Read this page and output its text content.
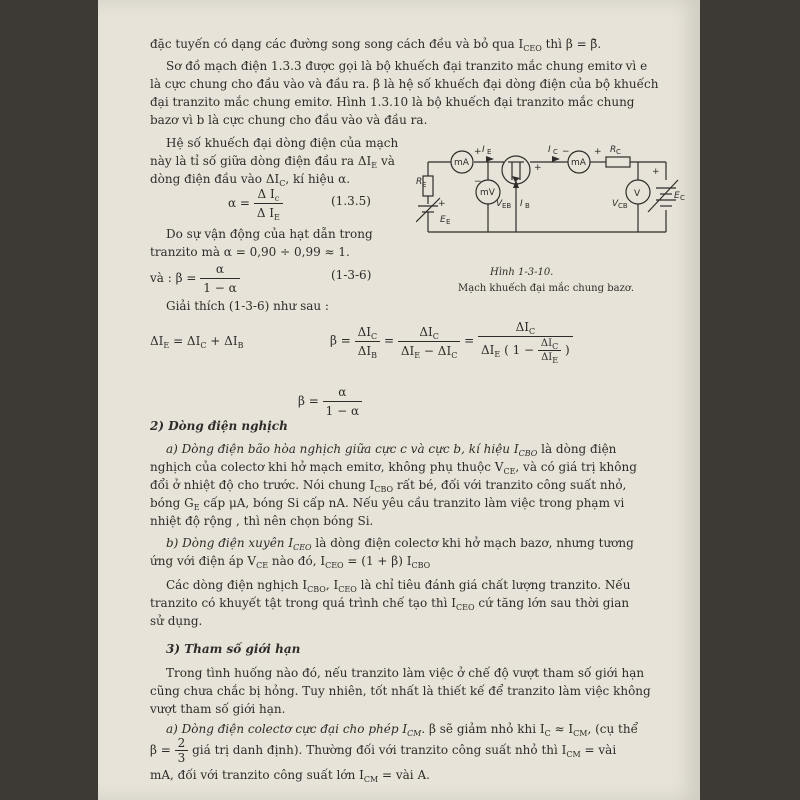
đặc tuyến có dạng các đường song song cách đều và bỏ qua $I_{CEO}$ thì β = β̄.
Sơ đồ mạch điện 1.3.3 được gọi là bộ khuếch đại tranzito mắc chung emitơ vì e
là cực chung cho đầu vào và đầu ra. β là hệ số khuếch đại dòng điện của bộ khuếch
đại tranzito mắc chung emitơ. Hình 1.3.10 là bộ khuếch đại tranzito mắc chung
bazơ vì b là cực chung cho đầu vào và đầu ra.
Hệ số khuếch đại dòng điện của mạch
này là tỉ số giữa dòng điện đầu ra $\Delta I_E$ và
dòng điện đầu vào $\Delta I_C$, kí hiệu α.
$\alpha = \frac{\Delta I_c}{\Delta I_E}$	(1.3.5)
Do sự vận động của hạt dẫn trong
tranzito mà α = 0,90 ÷ 0,99 ≈ 1.
và : $\beta = \frac{\alpha}{1 - \alpha}$	(1-3-6)
mA	mA
mV	V
I E	I C
R E
R C
E E
E C
V EB	V CB
I B
+
+
+
+
+
−
−
Hình 1-3-10.
Mạch khuếch đại mắc chung bazơ.
Giải thích (1-3-6) như sau :
$\Delta I_E = \Delta I_C + \Delta I_B$	$\beta = \frac{\Delta I_C}{\Delta I_B} = \frac{\Delta I_C}{\Delta I_E - \Delta I_C} = \frac{\Delta I_C}{\Delta I_E ( 1 - \frac{\Delta I_C}{\Delta I_E} )}$
$\beta = \frac{\alpha}{1 - \alpha}$
2) Dòng điện nghịch
a) Dòng điện bão hòa nghịch giữa cực c và cực b, kí hiệu $I_{CBO}$ là dòng điện
nghịch của colectơ khi hở mạch emitơ, không phụ thuộc $V_{CE}$, và có giá trị không
đổi ở nhiệt độ cho trước. Nói chung $I_{CBO}$ rất bé, đối với tranzito công suất nhỏ,
bóng $G_E$ cấp μA, bóng Si cấp nA. Nếu yêu cầu tranzito làm việc trong phạm vi
nhiệt độ rộng , thì nên chọn bóng Si.
b) Dòng điện xuyên $I_{CEO}$ là dòng điện colectơ khi hở mạch bazơ, nhưng tương
ứng với điện áp $V_{CE}$ nào đó, $I_{CEO} = (1 + \beta)$ $I_{CBO}$
Các dòng điện nghịch $I_{CBO}$, $I_{CEO}$ là chỉ tiêu đánh giá chất lượng tranzito. Nếu
tranzito có khuyết tật trong quá trình chế tạo thì $I_{CEO}$ cứ tăng lớn sau thời gian
sử dụng.
3) Tham số giới hạn
Trong tình huống nào đó, nếu tranzito làm việc ở chế độ vượt tham số giới hạn
cũng chưa chắc bị hỏng. Tuy nhiên, tốt nhất là thiết kế để tranzito làm việc không
vượt tham số giới hạn.
a) Dòng điện colectơ cực đại cho phép $I_{CM}$. β sẽ giảm nhỏ khi $I_C \approx I_{CM}$, (cụ thể
$\beta = \frac{2}{3}$ giá trị danh định). Thường đối với tranzito công suất nhỏ thì $I_{CM}$ = vài
mA, đối với tranzito công suất lớn $I_{CM}$ = vài A.
